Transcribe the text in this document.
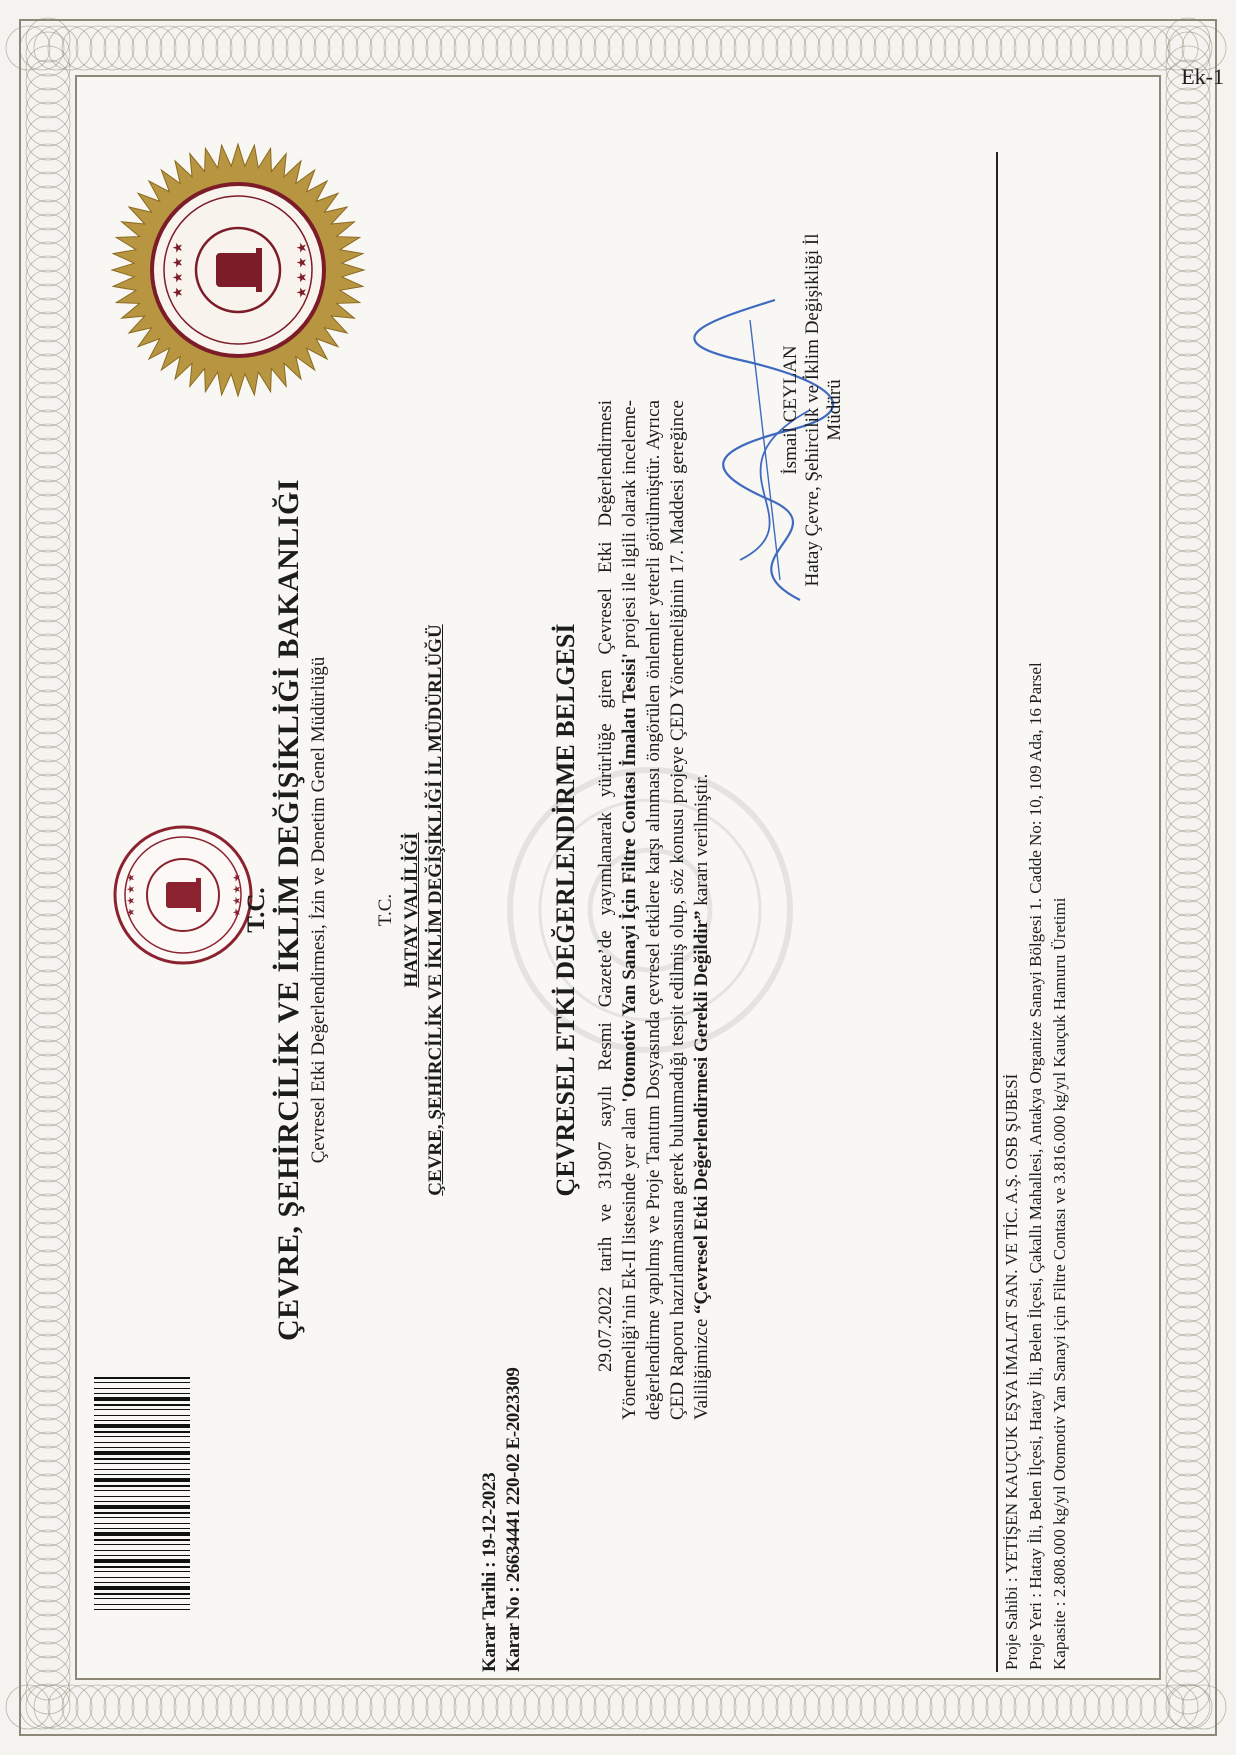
Ek-1
Karar Tarihi : 19-12-2023 Karar No : 26634441 220-02 E-2023309
★ ★ ★ ★	★ ★ ★ ★ T.C. ÇEVRE, ŞEHİRCİLİK VE İKLİM DEĞİŞİKLİĞİ BAKANLIĞI Çevresel Etki Değerlendirmesi, İzin ve Denetim Genel Müdürlüğü
★ ★ ★ ★	★ ★ ★ ★
T.C. HATAY VALİLİĞİ ÇEVRE, ŞEHİRCİLİK VE İKLİM DEĞİŞİKLİĞİ İL MÜDÜRLÜĞÜ	ÇEVRESEL ETKİ DEĞERLENDİRME BELGESİ 29.07.2022 tarih ve 31907 sayılı Resmi Gazete’de yayımlanarak yürürlüğe giren Çevresel Etki Değerlendirmesi Yönetmeliği’nin Ek-II listesinde yer alan 'Otomotiv Yan Sanayi İçin Filtre Contası İmalatı Tesisi' projesi ile ilgili olarak inceleme-değerlendirme yapılmış ve Proje Tanıtım Dosyasında çevresel etkilere karşı alınması öngörülen önlemler yeterli görülmüştür. Ayrıca ÇED Raporu hazırlanmasına gerek bulunmadığı tespit edilmiş olup, söz konusu projeye ÇED Yönetmeliğinin 17. Maddesi gereğince Valiliğimizce “Çevresel Etki Değerlendirmesi Gerekli Değildir” kararı verilmiştir.
İsmail CEYLAN Hatay Çevre, Şehircilik ve İklim Değişikliği İl Müdürü
Proje Sahibi : YETİŞEN KAUÇUK EŞYA İMALAT SAN. VE TİC. A.Ş. OSB ŞUBESİ Proje Yeri : Hatay İli, Belen İlçesi, Hatay İli, Belen İlçesi, Çakallı Mahallesi, Antakya Organize Sanayi Bölgesi 1. Cadde No: 10, 109 Ada, 16 Parsel Kapasite : 2.808.000 kg/yıl Otomotiv Yan Sanayi için Filtre Contası ve 3.816.000 kg/yıl Kauçuk Hamuru Üretimi
